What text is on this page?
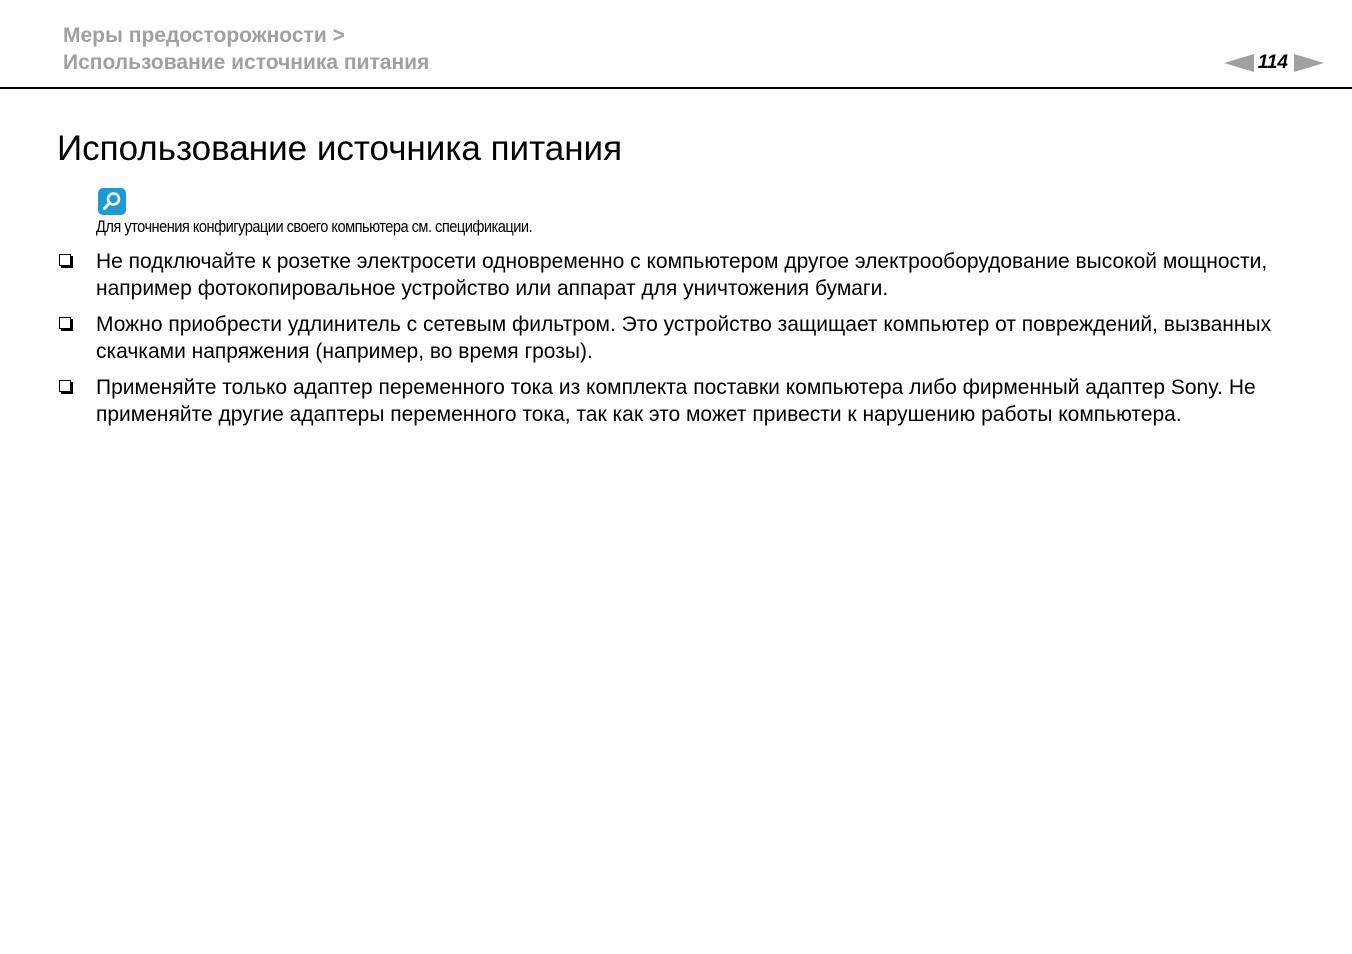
Меры предосторожности >
Использование источника питания	114
Использование источника питания
Для уточнения конфигурации своего компьютера см. спецификации.
Не подключайте к розетке электросети одновременно с компьютером другое электрооборудование высокой мощности, например фотокопировальное устройство или аппарат для уничтожения бумаги.
Можно приобрести удлинитель с сетевым фильтром. Это устройство защищает компьютер от повреждений, вызванных скачками напряжения (например, во время грозы).
Применяйте только адаптер переменного тока из комплекта поставки компьютера либо фирменный адаптер Sony. Не применяйте другие адаптеры переменного тока, так как это может привести к нарушению работы компьютера.
